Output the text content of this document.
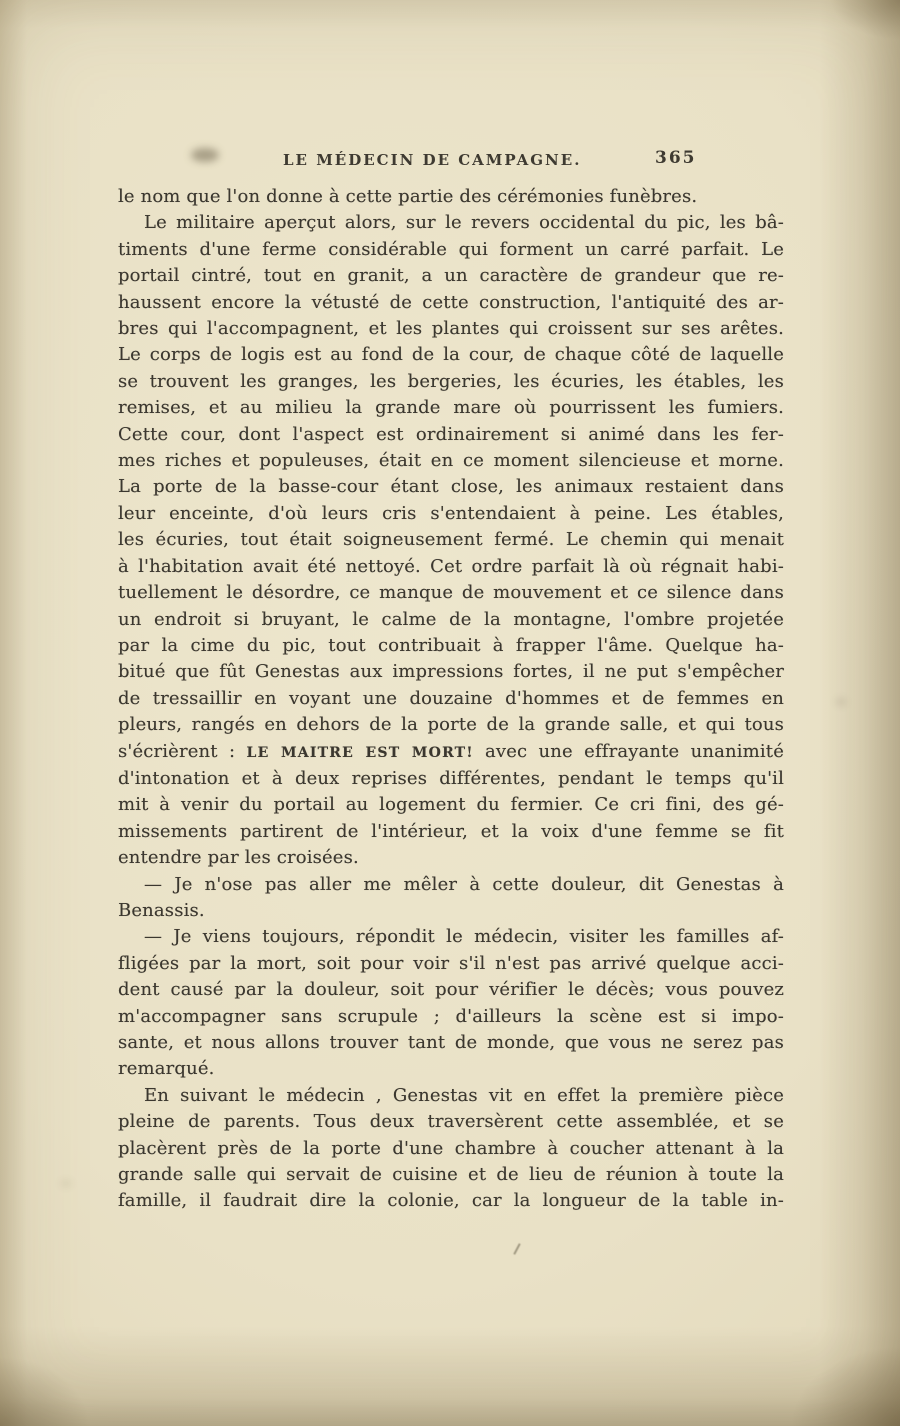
LE MÉDECIN DE CAMPAGNE.	365
le nom que l'on donne à cette partie des cérémonies funèbres.
Le militaire aperçut alors, sur le revers occidental du pic, les bâ-
timents d'une ferme considérable qui forment un carré parfait. Le
portail cintré, tout en granit, a un caractère de grandeur que re-
haussent encore la vétusté de cette construction, l'antiquité des ar-
bres qui l'accompagnent, et les plantes qui croissent sur ses arêtes.
Le corps de logis est au fond de la cour, de chaque côté de laquelle
se trouvent les granges, les bergeries, les écuries, les étables, les
remises, et au milieu la grande mare où pourrissent les fumiers.
Cette cour, dont l'aspect est ordinairement si animé dans les fer-
mes riches et populeuses, était en ce moment silencieuse et morne.
La porte de la basse-cour étant close, les animaux restaient dans
leur enceinte, d'où leurs cris s'entendaient à peine. Les étables,
les écuries, tout était soigneusement fermé. Le chemin qui menait
à l'habitation avait été nettoyé. Cet ordre parfait là où régnait habi-
tuellement le désordre, ce manque de mouvement et ce silence dans
un endroit si bruyant, le calme de la montagne, l'ombre projetée
par la cime du pic, tout contribuait à frapper l'âme. Quelque ha-
bitué que fût Genestas aux impressions fortes, il ne put s'empêcher
de tressaillir en voyant une douzaine d'hommes et de femmes en
pleurs, rangés en dehors de la porte de la grande salle, et qui tous
s'écrièrent : LE MAITRE EST MORT! avec une effrayante unanimité
d'intonation et à deux reprises différentes, pendant le temps qu'il
mit à venir du portail au logement du fermier. Ce cri fini, des gé-
missements partirent de l'intérieur, et la voix d'une femme se fit
entendre par les croisées.
— Je n'ose pas aller me mêler à cette douleur, dit Genestas à
Benassis.
— Je viens toujours, répondit le médecin, visiter les familles af-
fligées par la mort, soit pour voir s'il n'est pas arrivé quelque acci-
dent causé par la douleur, soit pour vérifier le décès; vous pouvez
m'accompagner sans scrupule ; d'ailleurs la scène est si impo-
sante, et nous allons trouver tant de monde, que vous ne serez pas
remarqué.
En suivant le médecin , Genestas vit en effet la première pièce
pleine de parents. Tous deux traversèrent cette assemblée, et se
placèrent près de la porte d'une chambre à coucher attenant à la
grande salle qui servait de cuisine et de lieu de réunion à toute la
famille, il faudrait dire la colonie, car la longueur de la table in-
